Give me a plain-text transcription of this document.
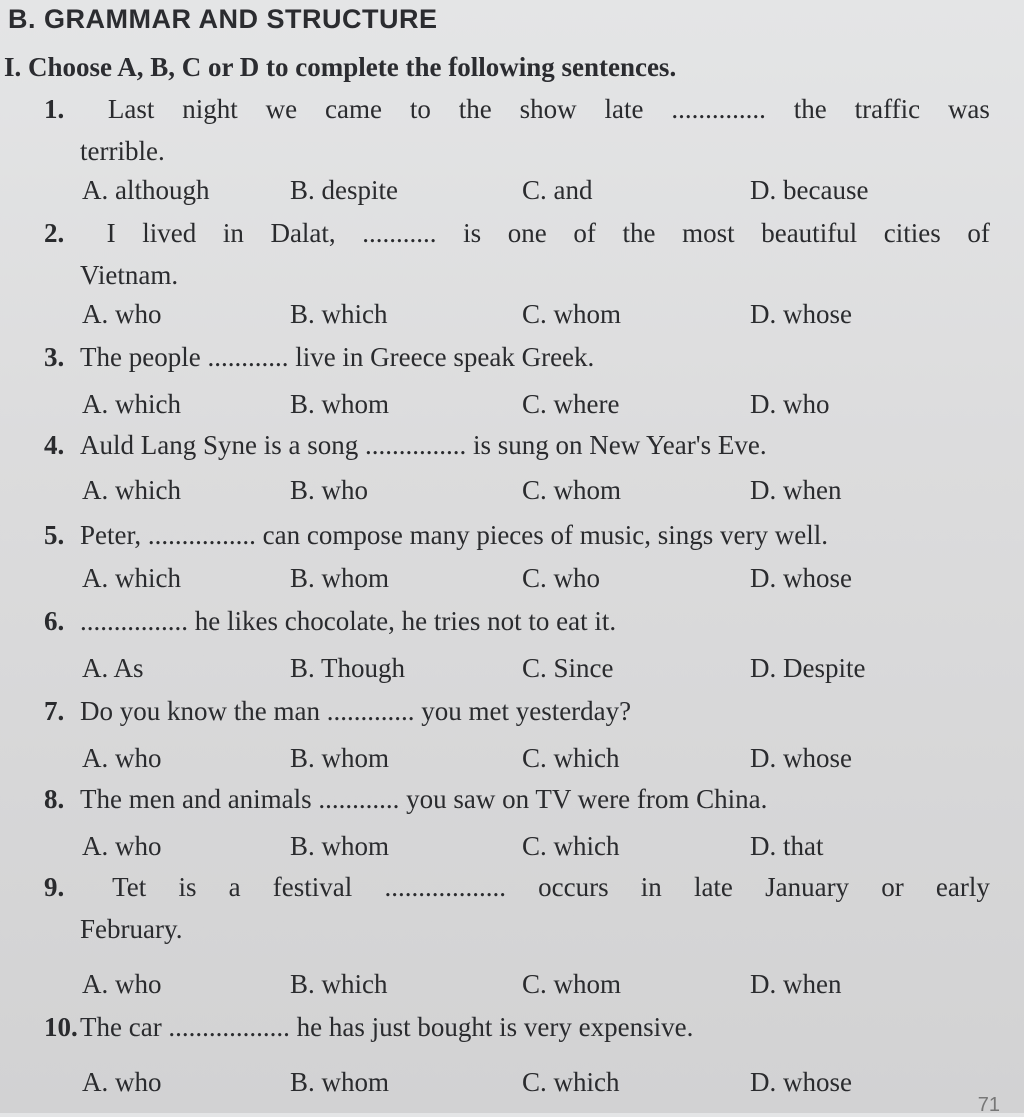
B. GRAMMAR AND STRUCTURE
I. Choose A, B, C or D to complete the following sentences.
1.	Last night we came to the show late .............. the traffic was
terrible.
A. although	B. despite	C. and	D. because
2.	I lived in Dalat, ........... is one of the most beautiful cities of
Vietnam.
A. who	B. which	C. whom	D. whose
3. The people ............ live in Greece speak Greek.
A. which	B. whom	C. where	D. who
4. Auld Lang Syne is a song ............... is sung on New Year's Eve.
A. which	B. who	C. whom	D. when
5. Peter, ................ can compose many pieces of music, sings very well.
A. which	B. whom	C. who	D. whose
6. ................ he likes chocolate, he tries not to eat it.
A. As	B. Though	C. Since	D. Despite
7. Do you know the man ............. you met yesterday?
A. who	B. whom	C. which	D. whose
8. The men and animals ............ you saw on TV were from China.
A. who	B. whom	C. which	D. that
9.	Tet is a festival .................. occurs in late January or early
February.
A. who	B. which	C. whom	D. when
10.The car .................. he has just bought is very expensive.
A. who	B. whom	C. which	D. whose
71
